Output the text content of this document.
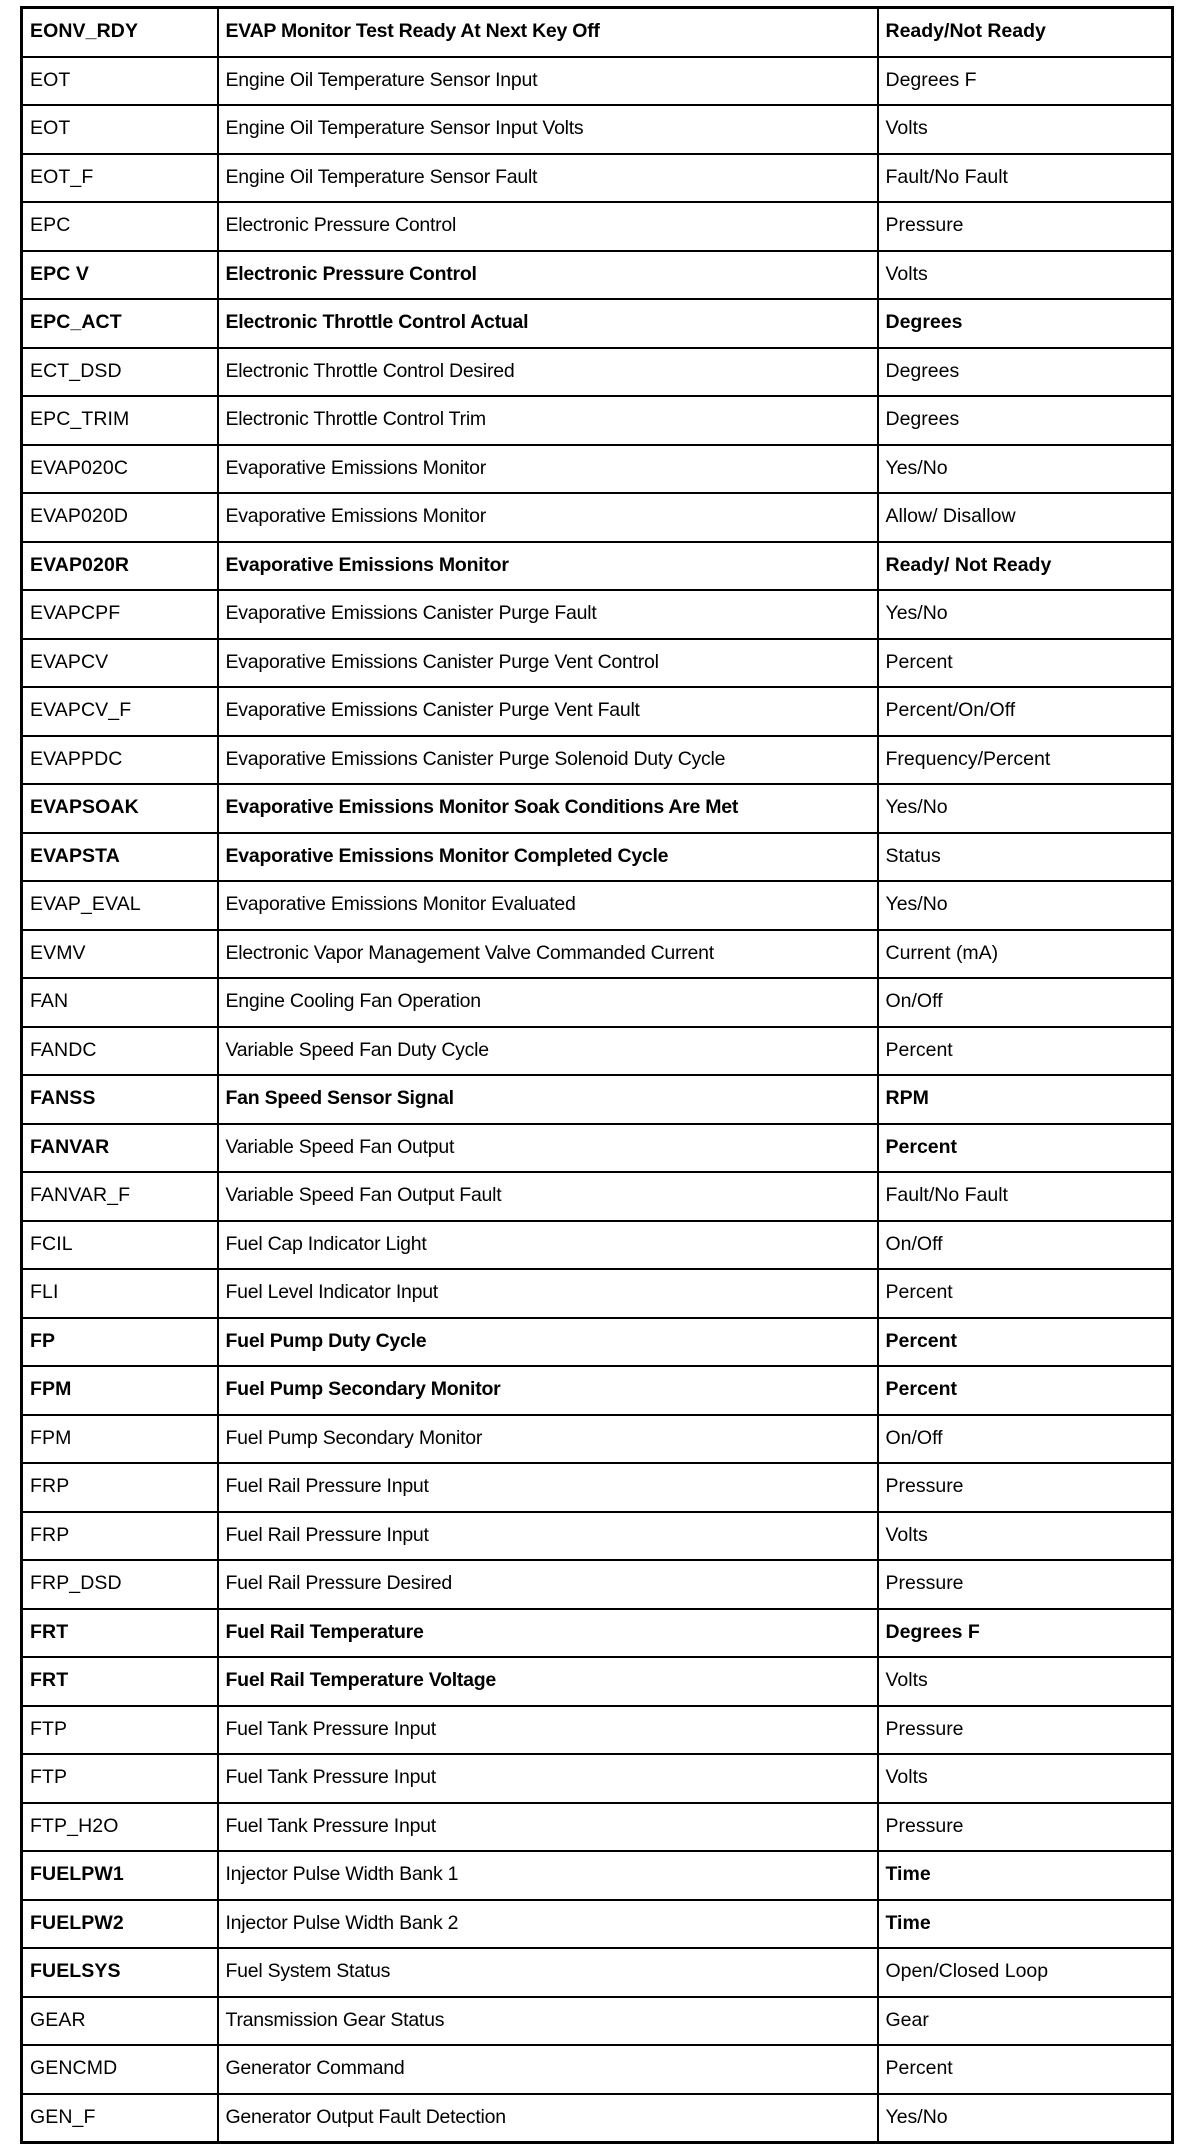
EONV_RDY	EVAP Monitor Test Ready At Next Key Off	Ready/Not Ready
EOT	Engine Oil Temperature Sensor Input	Degrees F
EOT	Engine Oil Temperature Sensor Input Volts	Volts
EOT_F	Engine Oil Temperature Sensor Fault	Fault/No Fault
EPC	Electronic Pressure Control	Pressure
EPC V	Electronic Pressure Control	Volts
EPC_ACT	Electronic Throttle Control Actual	Degrees
ECT_DSD	Electronic Throttle Control Desired	Degrees
EPC_TRIM	Electronic Throttle Control Trim	Degrees
EVAP020C	Evaporative Emissions Monitor	Yes/No
EVAP020D	Evaporative Emissions Monitor	Allow/ Disallow
EVAP020R	Evaporative Emissions Monitor	Ready/ Not Ready
EVAPCPF	Evaporative Emissions Canister Purge Fault	Yes/No
EVAPCV	Evaporative Emissions Canister Purge Vent Control	Percent
EVAPCV_F	Evaporative Emissions Canister Purge Vent Fault	Percent/On/Off
EVAPPDC	Evaporative Emissions Canister Purge Solenoid Duty Cycle	Frequency/Percent
EVAPSOAK	Evaporative Emissions Monitor Soak Conditions Are Met	Yes/No
EVAPSTA	Evaporative Emissions Monitor Completed Cycle	Status
EVAP_EVAL	Evaporative Emissions Monitor Evaluated	Yes/No
EVMV	Electronic Vapor Management Valve Commanded Current	Current (mA)
FAN	Engine Cooling Fan Operation	On/Off
FANDC	Variable Speed Fan Duty Cycle	Percent
FANSS	Fan Speed Sensor Signal	RPM
FANVAR	Variable Speed Fan Output	Percent
FANVAR_F	Variable Speed Fan Output Fault	Fault/No Fault
FCIL	Fuel Cap Indicator Light	On/Off
FLI	Fuel Level Indicator Input	Percent
FP	Fuel Pump Duty Cycle	Percent
FPM	Fuel Pump Secondary Monitor	Percent
FPM	Fuel Pump Secondary Monitor	On/Off
FRP	Fuel Rail Pressure Input	Pressure
FRP	Fuel Rail Pressure Input	Volts
FRP_DSD	Fuel Rail Pressure Desired	Pressure
FRT	Fuel Rail Temperature	Degrees F
FRT	Fuel Rail Temperature Voltage	Volts
FTP	Fuel Tank Pressure Input	Pressure
FTP	Fuel Tank Pressure Input	Volts
FTP_H2O	Fuel Tank Pressure Input	Pressure
FUELPW1	Injector Pulse Width Bank 1	Time
FUELPW2	Injector Pulse Width Bank 2	Time
FUELSYS	Fuel System Status	Open/Closed Loop
GEAR	Transmission Gear Status	Gear
GENCMD	Generator Command	Percent
GEN_F	Generator Output Fault Detection	Yes/No
